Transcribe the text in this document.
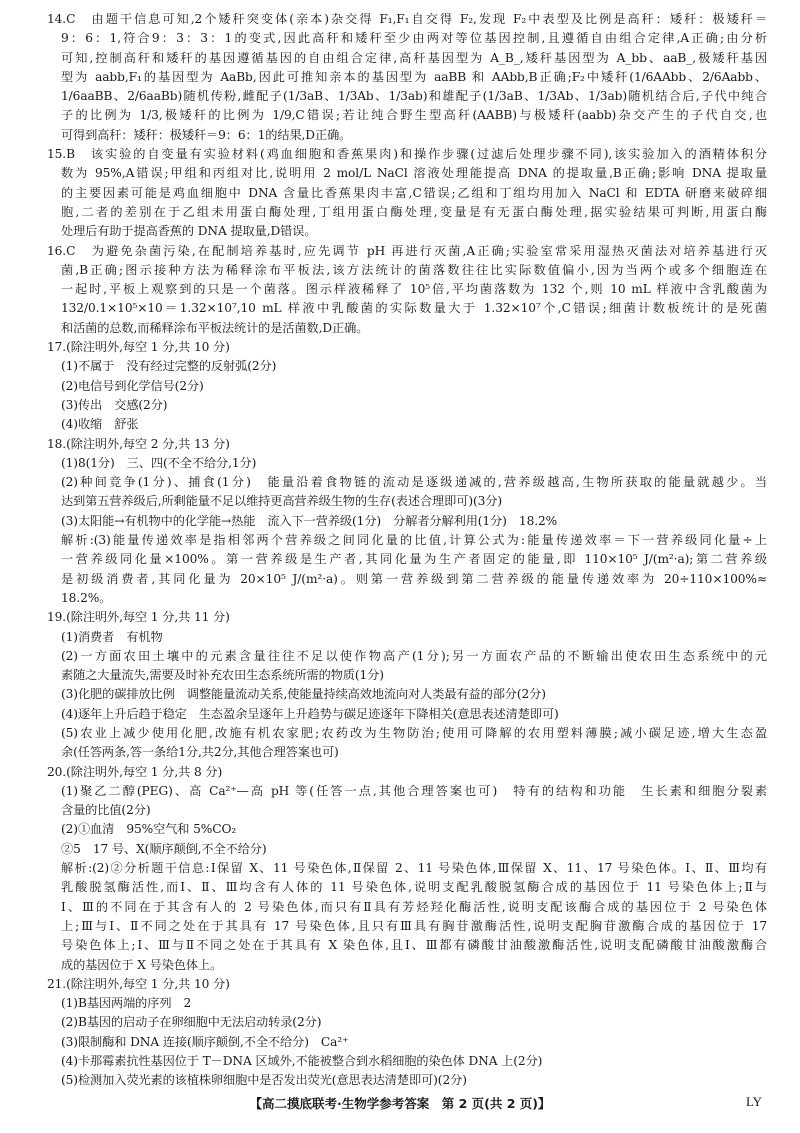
14.C　由题干信息可知,2个矮秆突变体(亲本)杂交得 F₁,F₁自交得 F₂,发现 F₂中表型及比例是高秆：矮秆：极矮秆＝
9：6：1,符合9：3：3：1的变式,因此高秆和矮秆至少由两对等位基因控制,且遵循自由组合定律,A正确;由分析
可知,控制高秆和矮秆的基因遵循基因的自由组合定律,高秆基因型为 A_B_,矮秆基因型为 A_bb、aaB_,极矮秆基因
型为 aabb,F₁的基因型为 AaBb,因此可推知亲本的基因型为 aaBB 和 AAbb,B正确;F₂中矮秆(1/6AAbb、2/6Aabb、
1/6aaBB、2/6aaBb)随机传粉,雌配子(1/3aB、1/3Ab、1/3ab)和雄配子(1/3aB、1/3Ab、1/3ab)随机结合后,子代中纯合
子的比例为 1/3,极矮秆的比例为 1/9,C错误;若让纯合野生型高秆(AABB)与极矮秆(aabb)杂交产生的子代自交,也
可得到高秆：矮秆：极矮秆＝9：6：1的结果,D正确。
15.B　该实验的自变量有实验材料(鸡血细胞和香蕉果肉)和操作步骤(过滤后处理步骤不同),该实验加入的酒精体积分
数为 95%,A错误;甲组和丙组对比,说明用 2 mol/L NaCl 溶液处理能提高 DNA 的提取量,B正确;影响 DNA 提取量
的主要因素可能是鸡血细胞中 DNA 含量比香蕉果肉丰富,C错误;乙组和丁组均用加入 NaCl 和 EDTA 研磨来破碎细
胞,二者的差别在于乙组未用蛋白酶处理,丁组用蛋白酶处理,变量是有无蛋白酶处理,据实验结果可判断,用蛋白酶
处理后有助于提高香蕉的 DNA 提取量,D错误。
16.C　为避免杂菌污染,在配制培养基时,应先调节 pH 再进行灭菌,A正确;实验室常采用湿热灭菌法对培养基进行灭
菌,B正确;图示接种方法为稀释涂布平板法,该方法统计的菌落数往往比实际数值偏小,因为当两个或多个细胞连在
一起时,平板上观察到的只是一个菌落。图示样液稀释了 10⁵倍,平均菌落数为 132 个,则 10 mL 样液中含乳酸菌为
132/0.1×10⁵×10＝1.32×10⁷,10 mL 样液中乳酸菌的实际数量大于 1.32×10⁷个,C错误;细菌计数板统计的是死菌
和活菌的总数,而稀释涂布平板法统计的是活菌数,D正确。
17.(除注明外,每空 1 分,共 10 分)
(1)不属于　没有经过完整的反射弧(2分)
(2)电信号到化学信号(2分)
(3)传出　交感(2分)
(4)收缩　舒张
18.(除注明外,每空 2 分,共 13 分)
(1)8(1分)　三、四(不全不给分,1分)
(2)种间竞争(1分)、捕食(1分)　能量沿着食物链的流动是逐级递减的,营养级越高,生物所获取的能量就越少。当
达到第五营养级后,所剩能量不足以维持更高营养级生物的生存(表述合理即可)(3分)
(3)太阳能→有机物中的化学能→热能　流入下一营养级(1分)　分解者分解利用(1分)　18.2%
解析:(3)能量传递效率是指相邻两个营养级之间同化量的比值,计算公式为:能量传递效率＝下一营养级同化量÷上
一营养级同化量×100%。第一营养级是生产者,其同化量为生产者固定的能量,即 110×10⁵ J/(m²·a);第二营养级
是初级消费者,其同化量为 20×10⁵ J/(m²·a)。则第一营养级到第二营养级的能量传递效率为 20÷110×100%≈
18.2%。
19.(除注明外,每空 1 分,共 11 分)
(1)消费者　有机物
(2)一方面农田土壤中的元素含量往往不足以使作物高产(1分);另一方面农产品的不断输出使农田生态系统中的元
素随之大量流失,需要及时补充农田生态系统所需的物质(1分)
(3)化肥的碳排放比例　调整能量流动关系,使能量持续高效地流向对人类最有益的部分(2分)
(4)逐年上升后趋于稳定　生态盈余呈逐年上升趋势与碳足迹逐年下降相关(意思表述清楚即可)
(5)农业上减少使用化肥,改施有机农家肥;农药改为生物防治;使用可降解的农用塑料薄膜;减小碳足迹,增大生态盈
余(任答两条,答一条给1分,共2分,其他合理答案也可)
20.(除注明外,每空 1 分,共 8 分)
(1)聚乙二醇(PEG)、高 Ca²⁺—高 pH 等(任答一点,其他合理答案也可)　特有的结构和功能　生长素和细胞分裂素
含量的比值(2分)
(2)①血清　95%空气和 5%CO₂
②5　17 号、X(顺序颠倒,不全不给分)
解析:(2)②分析题干信息:Ⅰ保留 X、11 号染色体,Ⅱ保留 2、11 号染色体,Ⅲ保留 X、11、17 号染色体。Ⅰ、Ⅱ、Ⅲ均有
乳酸脱氢酶活性,而Ⅰ、Ⅱ、Ⅲ均含有人体的 11 号染色体,说明支配乳酸脱氢酶合成的基因位于 11 号染色体上;Ⅱ与
Ⅰ、Ⅲ的不同在于其含有人的 2 号染色体,而只有Ⅱ具有芳烃羟化酶活性,说明支配该酶合成的基因位于 2 号染色体
上;Ⅲ与Ⅰ、Ⅱ不同之处在于其具有 17 号染色体,且只有Ⅲ具有胸苷激酶活性,说明支配胸苷激酶合成的基因位于 17
号染色体上;Ⅰ、Ⅲ与Ⅱ不同之处在于其具有 X 染色体,且Ⅰ、Ⅲ都有磷酸甘油酸激酶活性,说明支配磷酸甘油酸激酶合
成的基因位于 X 号染色体上。
21.(除注明外,每空 1 分,共 10 分)
(1)B基因两端的序列　2
(2)B基因的启动子在卵细胞中无法启动转录(2分)
(3)限制酶和 DNA 连接(顺序颠倒,不全不给分)　Ca²⁺
(4)卡那霉素抗性基因位于 T－DNA 区域外,不能被整合到水稻细胞的染色体 DNA 上(2分)
(5)检测加入荧光素的该植株卵细胞中是否发出荧光(意思表达清楚即可)(2分)
【高二摸底联考·生物学参考答案　第 2 页(共 2 页)】	LY
